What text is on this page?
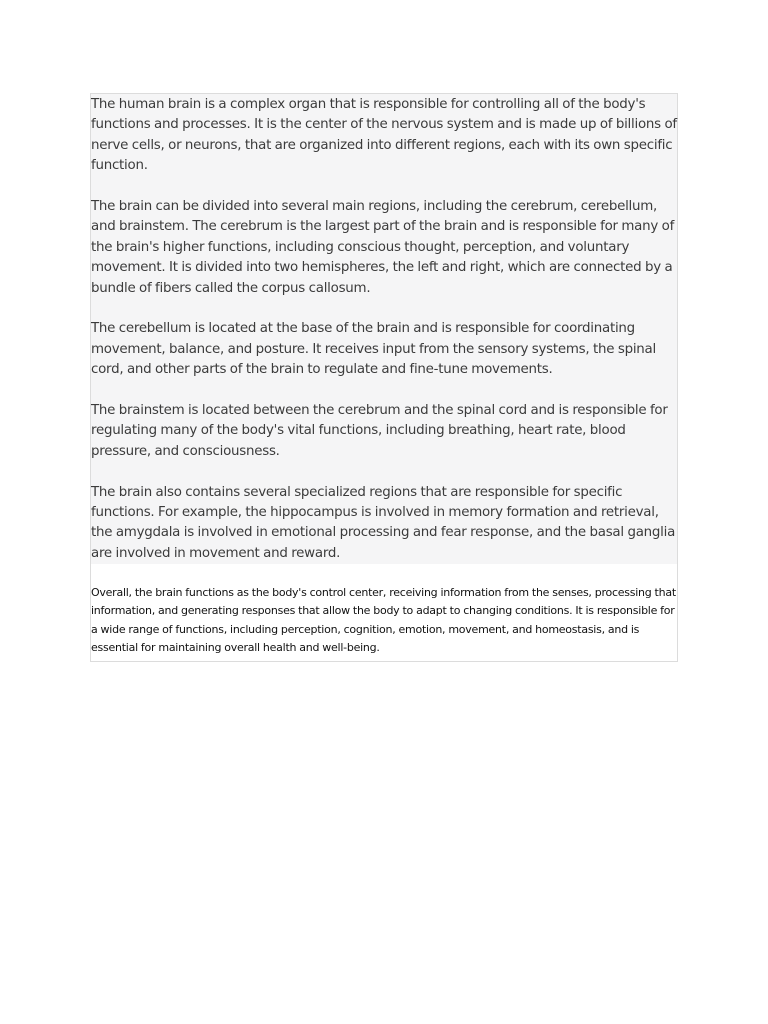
The human brain is a complex organ that is responsible for controlling all of the body's functions and processes. It is the center of the nervous system and is made up of billions of nerve cells, or neurons, that are organized into different regions, each with its own specific function.

The brain can be divided into several main regions, including the cerebrum, cerebellum, and brainstem. The cerebrum is the largest part of the brain and is responsible for many of the brain's higher functions, including conscious thought, perception, and voluntary movement. It is divided into two hemispheres, the left and right, which are connected by a bundle of fibers called the corpus callosum.

The cerebellum is located at the base of the brain and is responsible for coordinating movement, balance, and posture. It receives input from the sensory systems, the spinal cord, and other parts of the brain to regulate and fine-tune movements.

The brainstem is located between the cerebrum and the spinal cord and is responsible for regulating many of the body's vital functions, including breathing, heart rate, blood pressure, and consciousness.

The brain also contains several specialized regions that are responsible for specific functions. For example, the hippocampus is involved in memory formation and retrieval, the amygdala is involved in emotional processing and fear response, and the basal ganglia are involved in movement and reward.

Overall, the brain functions as the body's control center, receiving information from the senses, processing that information, and generating responses that allow the body to adapt to changing conditions. It is responsible for a wide range of functions, including perception, cognition, emotion, movement, and homeostasis, and is essential for maintaining overall health and well-being.
